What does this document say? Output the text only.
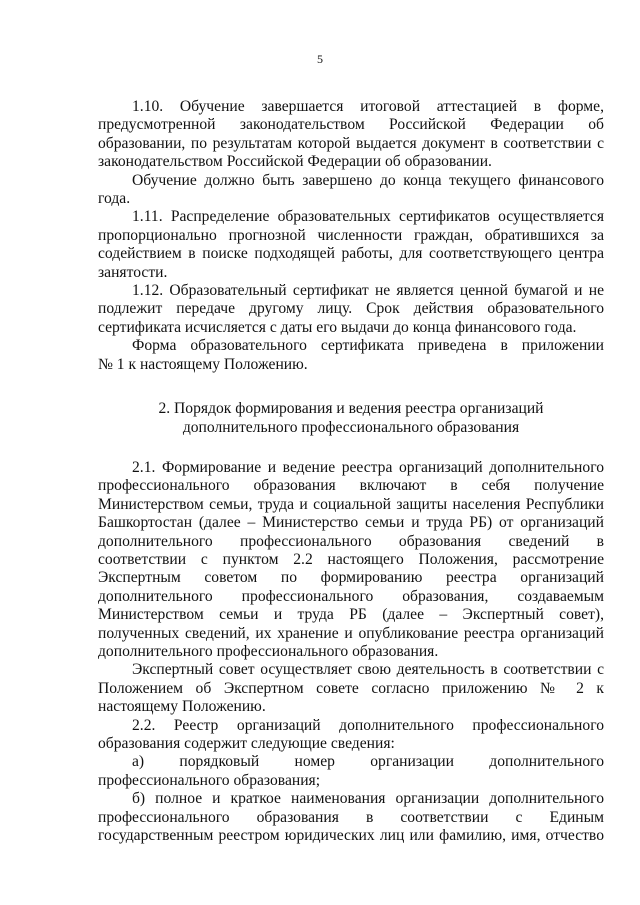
5

1.10. Обучение завершается итоговой аттестацией в форме,

предусмотренной законодательством Российской Федерации об

образовании, по результатам которой выдается документ в соответствии с

законодательством Российской Федерации об образовании.

Обучение должно быть завершено до конца текущего финансового

года.

1.11. Распределение образовательных сертификатов осуществляется

пропорционально прогнозной численности граждан, обратившихся за

содействием в поиске подходящей работы, для соответствующего центра

занятости.

1.12. Образовательный сертификат не является ценной бумагой и не

подлежит передаче другому лицу. Срок действия образовательного

сертификата исчисляется с даты его выдачи до конца финансового года.

Форма образовательного сертификата приведена в приложении

№ 1 к настоящему Положению.

2. Порядок формирования и ведения реестра организаций

дополнительного профессионального образования

2.1. Формирование и ведение реестра организаций дополнительного

профессионального образования включают в себя получение

Министерством семьи, труда и социальной защиты населения Республики

Башкортостан (далее – Министерство семьи и труда РБ) от организаций

дополнительного профессионального образования сведений в

соответствии с пунктом 2.2 настоящего Положения, рассмотрение

Экспертным советом по формированию реестра организаций

дополнительного профессионального образования, создаваемым

Министерством семьи и труда РБ (далее – Экспертный совет),

полученных сведений, их хранение и опубликование реестра организаций

дополнительного профессионального образования.

Экспертный совет осуществляет свою деятельность в соответствии с

Положением об Экспертном совете согласно приложению № 2 к

настоящему Положению.

2.2. Реестр организаций дополнительного профессионального

образования содержит следующие сведения:

а) порядковый номер организации дополнительного

профессионального образования;

б) полное и краткое наименования организации дополнительного

профессионального образования в соответствии с Единым

государственным реестром юридических лиц или фамилию, имя, отчество
